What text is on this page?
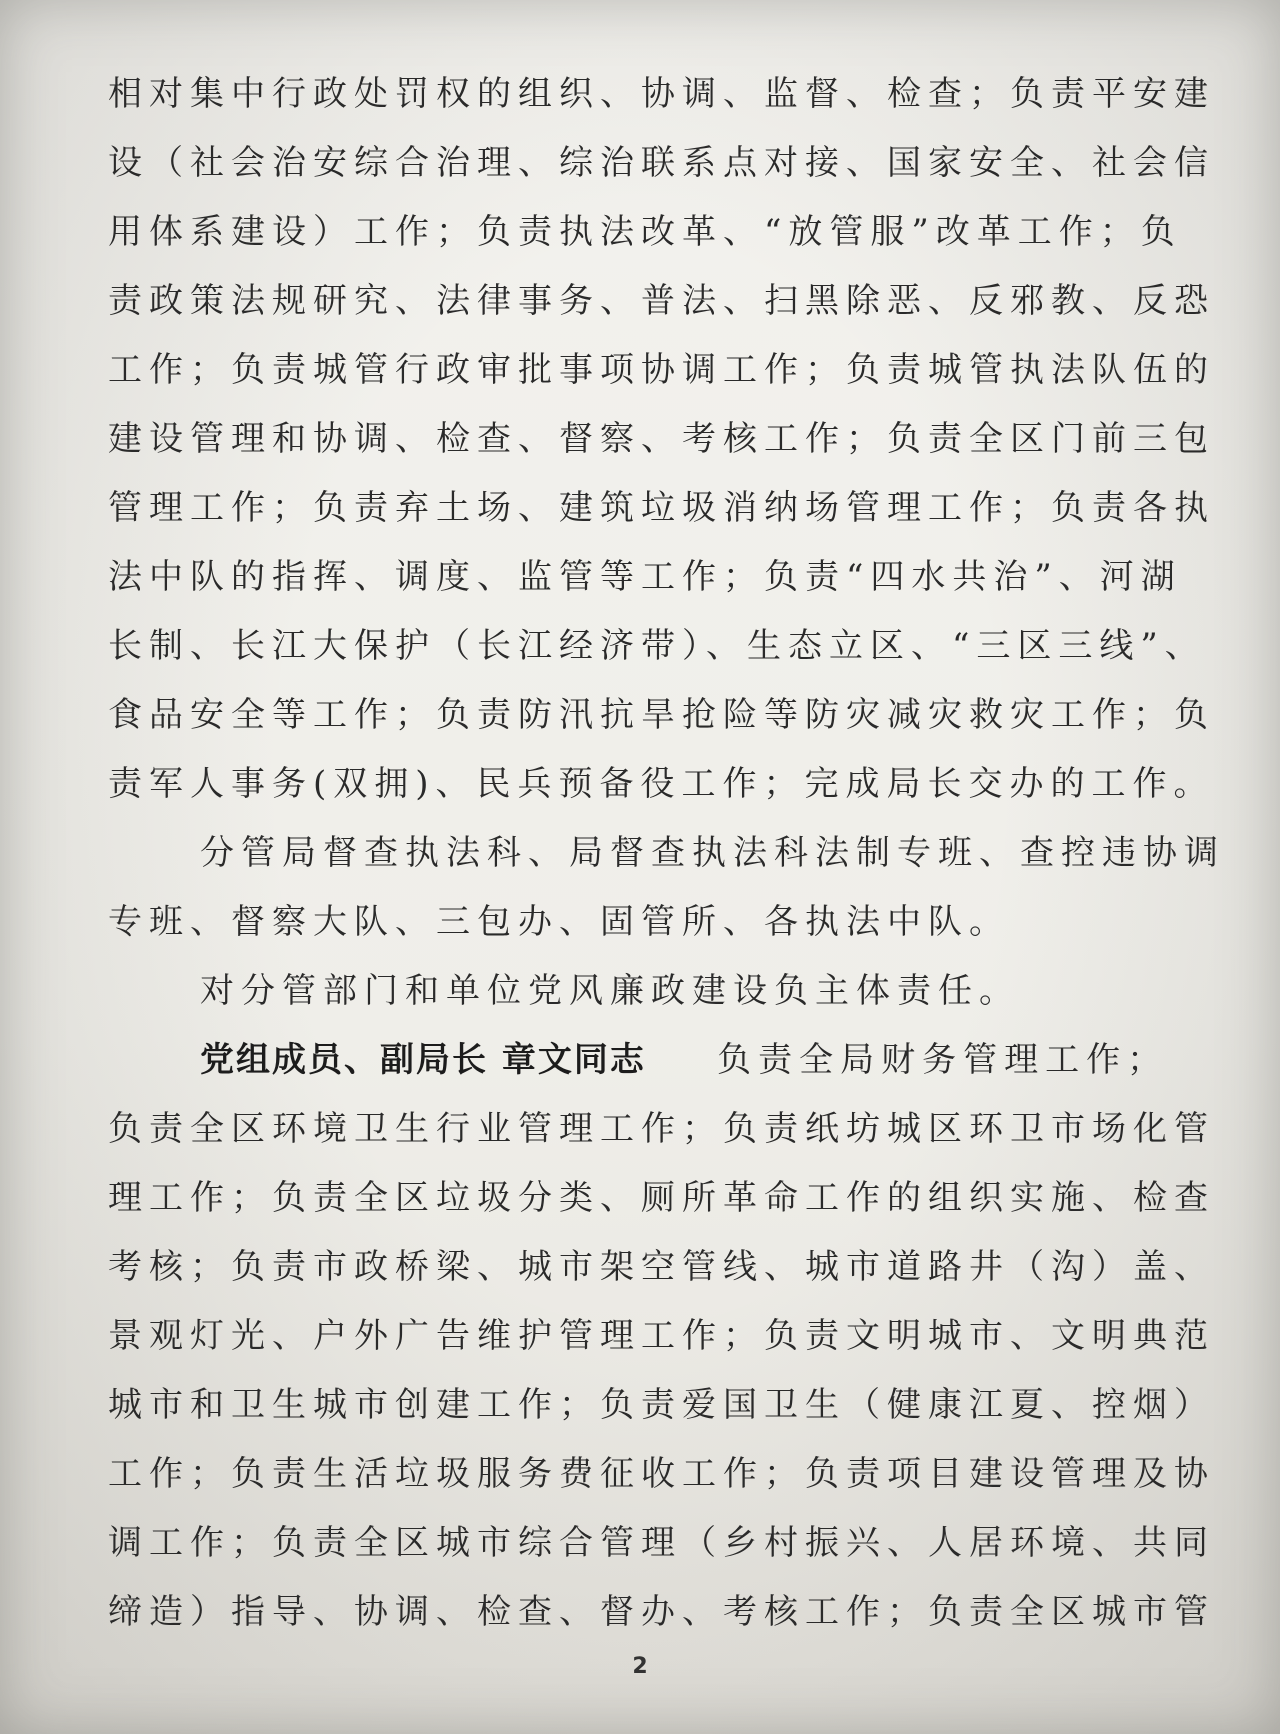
相对集中行政处罚权的组织、协调、监督、检查；负责平安建
设（社会治安综合治理、综治联系点对接、国家安全、社会信
用体系建设）工作；负责执法改革、“放管服”改革工作；负
责政策法规研究、法律事务、普法、扫黑除恶、反邪教、反恐
工作；负责城管行政审批事项协调工作；负责城管执法队伍的
建设管理和协调、检查、督察、考核工作；负责全区门前三包
管理工作；负责弃土场、建筑垃圾消纳场管理工作；负责各执
法中队的指挥、调度、监管等工作；负责“四水共治”、河湖
长制、长江大保护（长江经济带）、生态立区、“三区三线”、
食品安全等工作；负责防汛抗旱抢险等防灾减灾救灾工作；负
责军人事务(双拥)、民兵预备役工作；完成局长交办的工作。
分管局督查执法科、局督查执法科法制专班、查控违协调
专班、督察大队、三包办、固管所、各执法中队。
对分管部门和单位党风廉政建设负主体责任。
党组成员、副局长 章文同志 负责全局财务管理工作；
负责全区环境卫生行业管理工作；负责纸坊城区环卫市场化管
理工作；负责全区垃圾分类、厕所革命工作的组织实施、检查
考核；负责市政桥梁、城市架空管线、城市道路井（沟）盖、
景观灯光、户外广告维护管理工作；负责文明城市、文明典范
城市和卫生城市创建工作；负责爱国卫生（健康江夏、控烟）
工作；负责生活垃圾服务费征收工作；负责项目建设管理及协
调工作；负责全区城市综合管理（乡村振兴、人居环境、共同
缔造）指导、协调、检查、督办、考核工作；负责全区城市管
2
